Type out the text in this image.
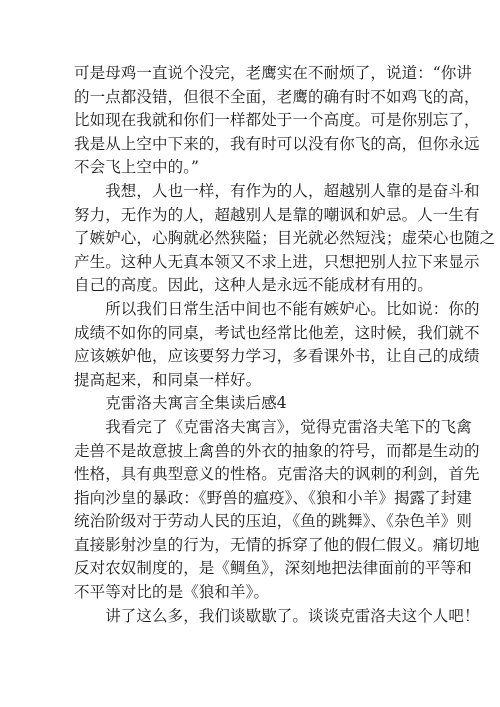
可是母鸡一直说个没完，老鹰实在不耐烦了，说道：“你讲
的一点都没错，但很不全面，老鹰的确有时不如鸡飞的高，
比如现在我就和你们一样都处于一个高度。可是你别忘了，
我是从上空中下来的，我有时可以没有你飞的高，但你永远
不会飞上空中的。”
　　我想，人也一样，有作为的人，超越别人靠的是奋斗和
努力，无作为的人，超越别人是靠的嘲讽和妒忌。人一生有
了嫉妒心，心胸就必然狭隘；目光就必然短浅；虚荣心也随之
产生。这种人无真本领又不求上进，只想把别人拉下来显示
自己的高度。因此，这种人是永远不能成材有用的。
　　所以我们日常生活中间也不能有嫉妒心。比如说：你的
成绩不如你的同桌，考试也经常比他差，这时候，我们就不
应该嫉妒他，应该要努力学习，多看课外书，让自己的成绩
提高起来，和同桌一样好。
　　克雷洛夫寓言全集读后感4
　　我看完了《克雷洛夫寓言》，觉得克雷洛夫笔下的飞禽
走兽不是故意披上禽兽的外衣的抽象的符号，而都是生动的
性格，具有典型意义的性格。克雷洛夫的讽刺的利剑，首先
指向沙皇的暴政：《野兽的瘟疫》、《狼和小羊》揭露了封建
统治阶级对于劳动人民的压迫，《鱼的跳舞》、《杂色羊》则
直接影射沙皇的行为，无情的拆穿了他的假仁假义。痛切地
反对农奴制度的，是《鲷鱼》，深刻地把法律面前的平等和
不平等对比的是《狼和羊》。
　　讲了这么多，我们谈歇歇了。谈谈克雷洛夫这个人吧！
